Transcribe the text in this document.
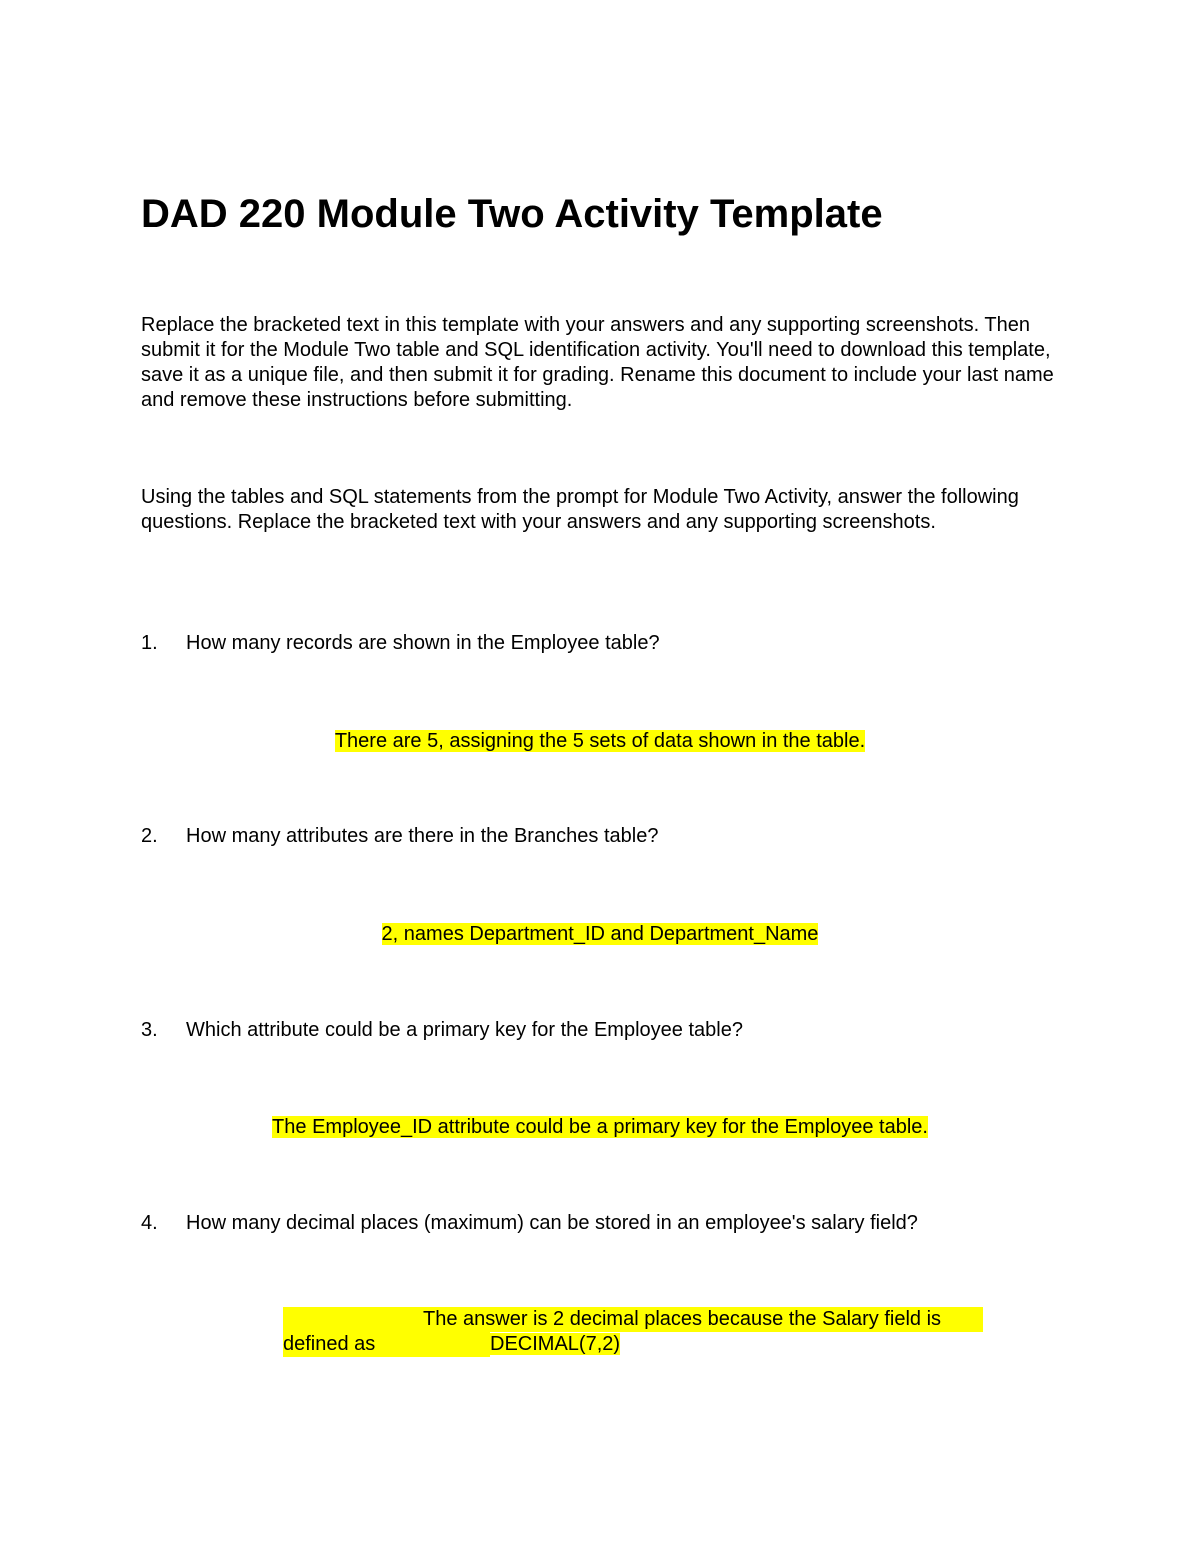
DAD 220 Module Two Activity Template

Replace the bracketed text in this template with your answers and any supporting screenshots. Then submit it for the Module Two table and SQL identification activity. You'll need to download this template, save it as a unique file, and then submit it for grading. Rename this document to include your last name and remove these instructions before submitting.

Using the tables and SQL statements from the prompt for Module Two Activity, answer the following questions. Replace the bracketed text with your answers and any supporting screenshots.

1. How many records are shown in the Employee table?
There are 5, assigning the 5 sets of data shown in the table.
2. How many attributes are there in the Branches table?
2, names Department_ID and Department_Name
3. Which attribute could be a primary key for the Employee table?
The Employee_ID attribute could be a primary key for the Employee table.
4. How many decimal places (maximum) can be stored in an employee's salary field?
The answer is 2 decimal places because the Salary field is
defined as	DECIMAL(7,2)
